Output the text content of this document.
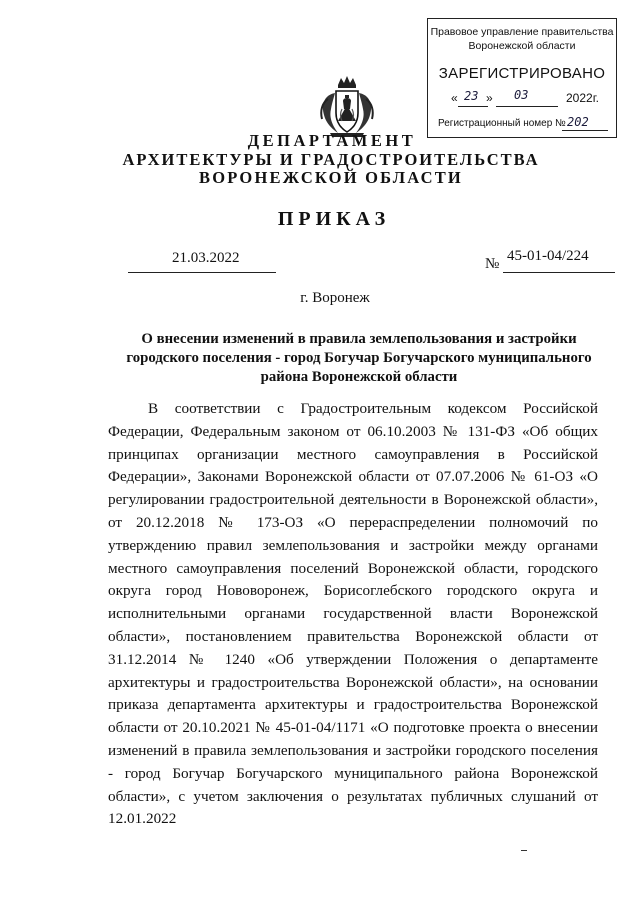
Правовое управление правительства
Воронежской области
ЗАРЕГИСТРИРОВАНО
« 23 » 03	2022г.
Регистрационный номер № 202
ДЕПАРТАМЕНТ
АРХИТЕКТУРЫ И ГРАДОСТРОИТЕЛЬСТВА
ВОРОНЕЖСКОЙ ОБЛАСТИ
ПРИКАЗ
21.03.2022	№ 45-01-04/224
г. Воронеж
О внесении изменений в правила землепользования и застройки
городского поселения - город Богучар Богучарского муниципального
района Воронежской области
В соответствии с Градостроительным кодексом Российской
Федерации, Федеральным законом от 06.10.2003 № 131-ФЗ «Об общих
принципах организации местного самоуправления в Российской
Федерации», Законами Воронежской области от 07.07.2006 № 61-ОЗ «О
регулировании градостроительной деятельности в Воронежской области»,
от 20.12.2018 № 173-ОЗ «О перераспределении полномочий по
утверждению правил землепользования и застройки между органами
местного самоуправления поселений Воронежской области, городского
округа город Нововоронеж, Борисоглебского городского округа и
исполнительными органами государственной власти Воронежской
области», постановлением правительства Воронежской области от
31.12.2014 № 1240 «Об утверждении Положения о департаменте
архитектуры и градостроительства Воронежской области», на основании
приказа департамента архитектуры и градостроительства Воронежской
области от 20.10.2021 № 45-01-04/1171 «О подготовке проекта о внесении
изменений в правила землепользования и застройки городского поселения
- город Богучар Богучарского муниципального района Воронежской
области», с учетом заключения о результатах публичных слушаний от
12.01.2022
